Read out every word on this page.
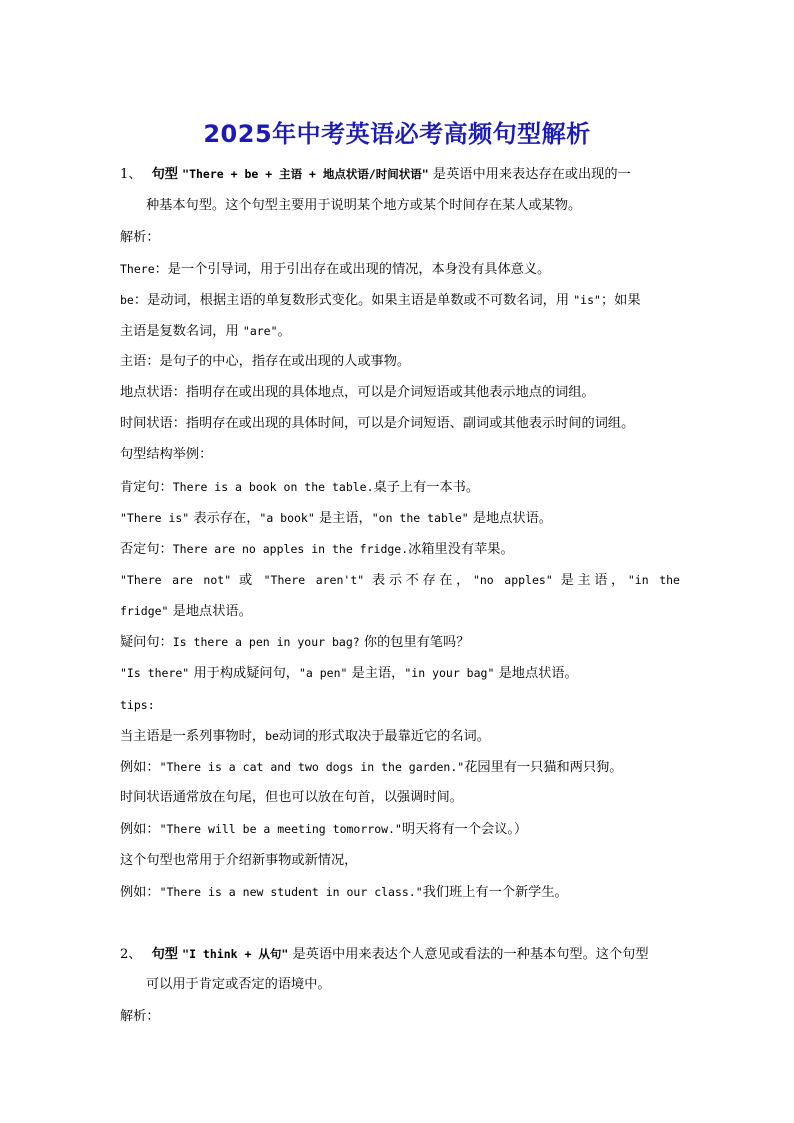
2025年中考英语必考高频句型解析
1、 句型 "There + be + 主语 + 地点状语/时间状语" 是英语中用来表达存在或出现的一
种基本句型。这个句型主要用于说明某个地方或某个时间存在某人或某物。
解析：
There：是一个引导词，用于引出存在或出现的情况，本身没有具体意义。
be：是动词，根据主语的单复数形式变化。如果主语是单数或不可数名词，用 "is"；如果
主语是复数名词，用 "are"。
主语：是句子的中心，指存在或出现的人或事物。
地点状语：指明存在或出现的具体地点，可以是介词短语或其他表示地点的词组。
时间状语：指明存在或出现的具体时间，可以是介词短语、副词或其他表示时间的词组。
句型结构举例：
肯定句：There is a book on the table.桌子上有一本书。
"There is" 表示存在，"a book" 是主语，"on the table" 是地点状语。
否定句：There are no apples in the fridge.冰箱里没有苹果。
"There are not" 或 "There aren't" 表示不存在，"no apples" 是主语，"in the
fridge" 是地点状语。
疑问句：Is there a pen in your bag? 你的包里有笔吗？
"Is there" 用于构成疑问句，"a pen" 是主语，"in your bag" 是地点状语。
tips:
当主语是一系列事物时，be动词的形式取决于最靠近它的名词。
例如："There is a cat and two dogs in the garden."花园里有一只猫和两只狗。
时间状语通常放在句尾，但也可以放在句首，以强调时间。
例如："There will be a meeting tomorrow."明天将有一个会议。）
这个句型也常用于介绍新事物或新情况，
例如："There is a new student in our class."我们班上有一个新学生。
2、 句型 "I think + 从句" 是英语中用来表达个人意见或看法的一种基本句型。这个句型
可以用于肯定或否定的语境中。
解析：
